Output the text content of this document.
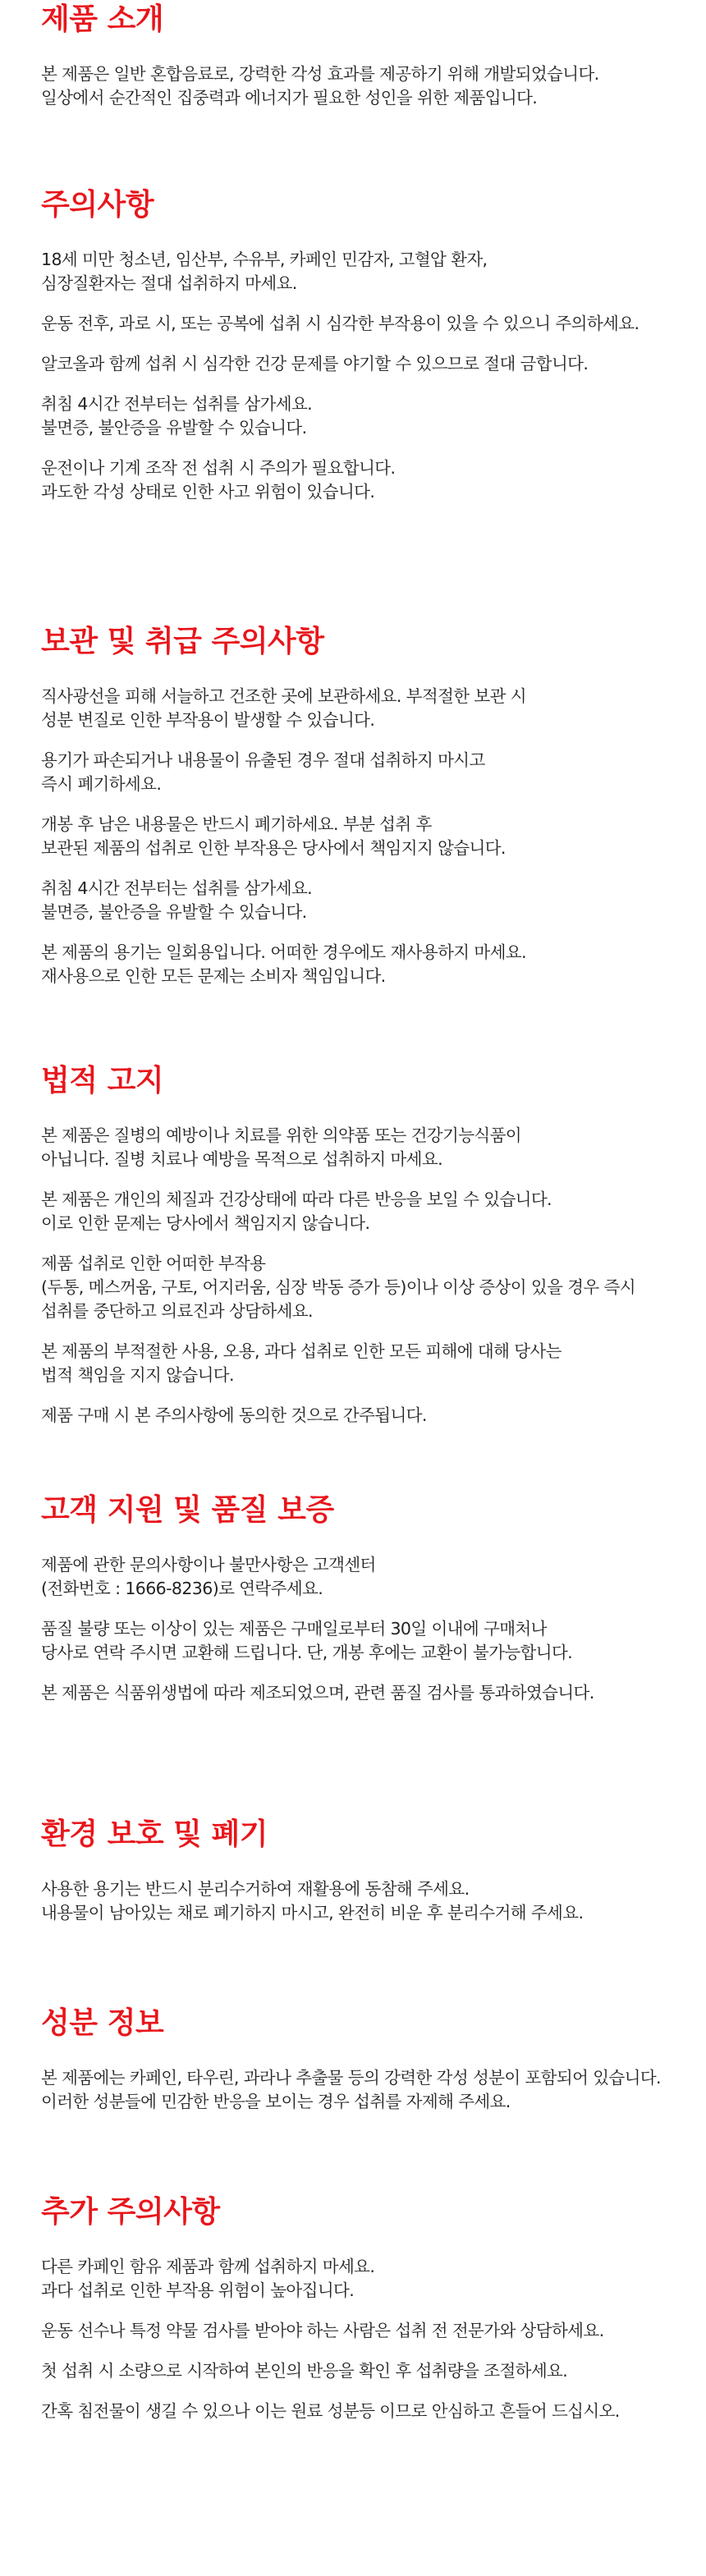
제품 소개

본 제품은 일반 혼합음료로, 강력한 각성 효과를 제공하기 위해 개발되었습니다. 일상에서 순간적인 집중력과 에너지가 필요한 성인을 위한 제품입니다.

주의사항

18세 미만 청소년, 임산부, 수유부, 카페인 민감자, 고혈압 환자,
심장질환자는 절대 섭취하지 마세요.

운동 전후, 과로 시, 또는 공복에 섭취 시 심각한 부작용이 있을 수 있으니 주의하세요.

알코올과 함께 섭취 시 심각한 건강 문제를 야기할 수 있으므로 절대 금합니다.

취침 4시간 전부터는 섭취를 삼가세요.
불면증, 불안증을 유발할 수 있습니다.

운전이나 기계 조작 전 섭취 시 주의가 필요합니다.
과도한 각성 상태로 인한 사고 위험이 있습니다.

보관 및 취급 주의사항

직사광선을 피해 서늘하고 건조한 곳에 보관하세요. 부적절한 보관 시
성분 변질로 인한 부작용이 발생할 수 있습니다.

용기가 파손되거나 내용물이 유출된 경우 절대 섭취하지 마시고
즉시 폐기하세요.

개봉 후 남은 내용물은 반드시 폐기하세요. 부분 섭취 후
보관된 제품의 섭취로 인한 부작용은 당사에서 책임지지 않습니다.

취침 4시간 전부터는 섭취를 삼가세요.
불면증, 불안증을 유발할 수 있습니다.

본 제품의 용기는 일회용입니다. 어떠한 경우에도 재사용하지 마세요.
재사용으로 인한 모든 문제는 소비자 책임입니다.

법적 고지

본 제품은 질병의 예방이나 치료를 위한 의약품 또는 건강기능식품이
아닙니다. 질병 치료나 예방을 목적으로 섭취하지 마세요.

본 제품은 개인의 체질과 건강상태에 따라 다른 반응을 보일 수 있습니다.
이로 인한 문제는 당사에서 책임지지 않습니다.

제품 섭취로 인한 어떠한 부작용
(두통, 메스꺼움, 구토, 어지러움, 심장 박동 증가 등)이나 이상 증상이 있을 경우 즉시 섭취를 중단하고 의료진과 상담하세요.

본 제품의 부적절한 사용, 오용, 과다 섭취로 인한 모든 피해에 대해 당사는
법적 책임을 지지 않습니다.

제품 구매 시 본 주의사항에 동의한 것으로 간주됩니다.

고객 지원 및 품질 보증

제품에 관한 문의사항이나 불만사항은 고객센터
(전화번호 : 1666-8236)로 연락주세요.

품질 불량 또는 이상이 있는 제품은 구매일로부터 30일 이내에 구매처나
당사로 연락 주시면 교환해 드립니다. 단, 개봉 후에는 교환이 불가능합니다.

본 제품은 식품위생법에 따라 제조되었으며, 관련 품질 검사를 통과하였습니다.

환경 보호 및 폐기

사용한 용기는 반드시 분리수거하여 재활용에 동참해 주세요.
내용물이 남아있는 채로 폐기하지 마시고, 완전히 비운 후 분리수거해 주세요.

성분 정보

본 제품에는 카페인, 타우린, 과라나 추출물 등의 강력한 각성 성분이 포함되어 있습니다. 이러한 성분들에 민감한 반응을 보이는 경우 섭취를 자제해 주세요.

추가 주의사항

다른 카페인 함유 제품과 함께 섭취하지 마세요.
과다 섭취로 인한 부작용 위험이 높아집니다.

운동 선수나 특정 약물 검사를 받아야 하는 사람은 섭취 전 전문가와 상담하세요.

첫 섭취 시 소량으로 시작하여 본인의 반응을 확인 후 섭취량을 조절하세요.

간혹 침전물이 생길 수 있으나 이는 원료 성분등 이므로 안심하고 흔들어 드십시오.
